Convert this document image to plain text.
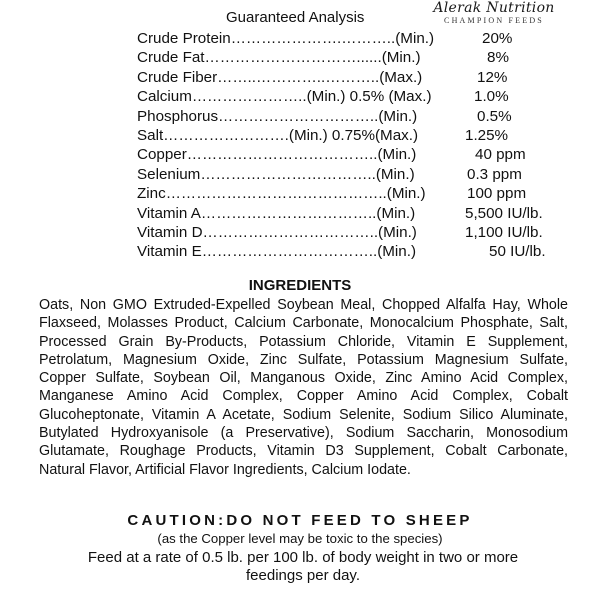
Alerak Nutrition
CHAMPION FEEDS
Guaranteed Analysis
Crude Protein………………….………..(Min.)	20%
Crude Fat…………………………......(Min.)	8%
Crude Fiber……..…………..………..(Max.)	12%
Calcium…………………..(Min.) 0.5% (Max.)	1.0%
Phosphorus…………………………..(Min.)	0.5%
Salt…………………….(Min.) 0.75%(Max.)	1.25%
Copper………………………………..(Min.)	40 ppm
Selenium……………………………..(Min.)	0.3 ppm
Zinc……………………………………..(Min.)	100 ppm
Vitamin A……………………………..(Min.)	5,500 IU/lb.
Vitamin D……………………………..(Min.)	1,100 IU/lb.
Vitamin E……………………………..(Min.)	50 IU/lb.
INGREDIENTS
Oats, Non GMO Extruded-Expelled Soybean Meal, Chopped Alfalfa Hay, Whole Flaxseed, Molasses Product, Calcium Carbonate, Monocalcium Phosphate, Salt, Processed Grain By-Products, Potassium Chloride, Vitamin E Supplement, Petrolatum, Magnesium Oxide, Zinc Sulfate, Potassium Magnesium Sulfate, Copper Sulfate, Soybean Oil, Manganous Oxide, Zinc Amino Acid Complex, Manganese Amino Acid Complex, Copper Amino Acid Complex, Cobalt Glucoheptonate, Vitamin A Acetate, Sodium Selenite, Sodium Silico Aluminate, Butylated Hydroxyanisole (a Preservative), Sodium Saccharin, Monosodium Glutamate, Roughage Products, Vitamin D3 Supplement, Cobalt Carbonate, Natural Flavor, Artificial Flavor Ingredients, Calcium Iodate.
CAUTION:DO NOT FEED TO SHEEP
(as the Copper level may be toxic to the species)
Feed at a rate of 0.5 lb. per 100 lb. of body weight in two or more feedings per day.
